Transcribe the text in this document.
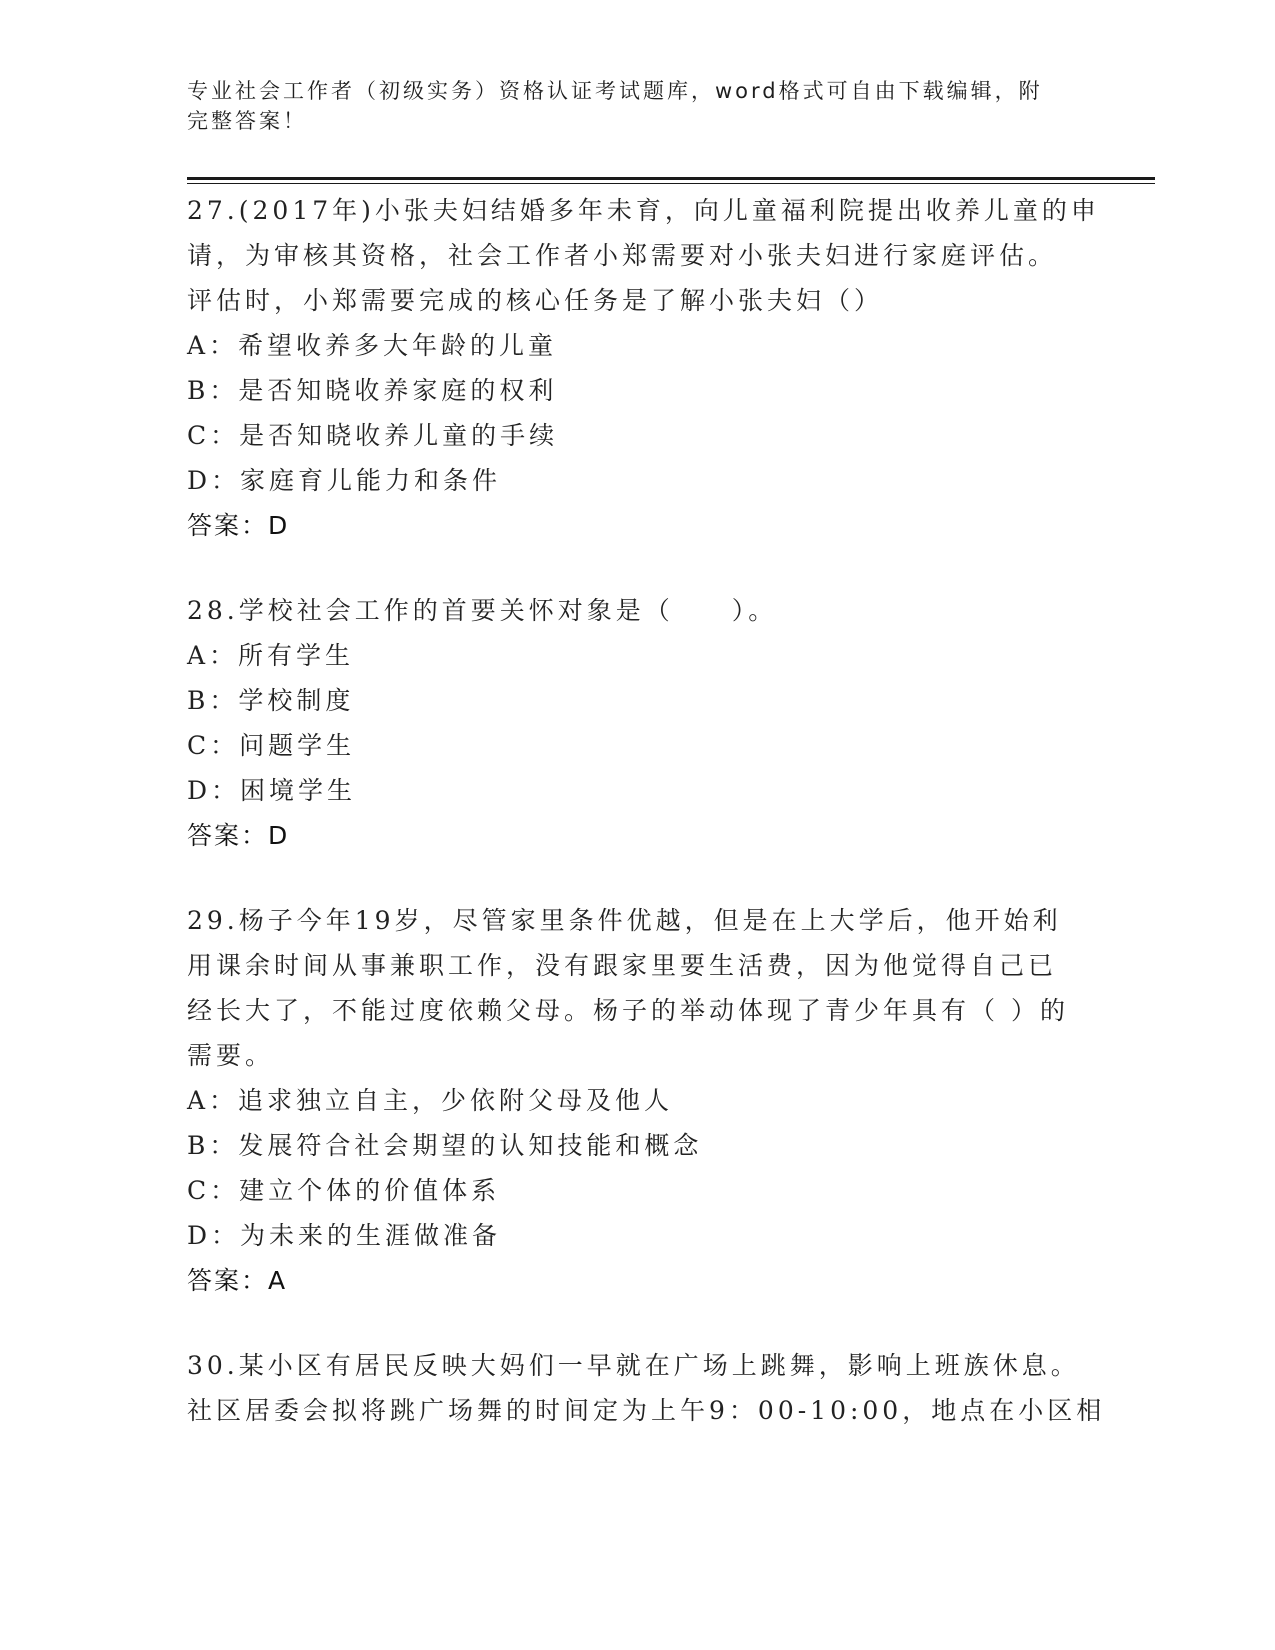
专业社会工作者（初级实务）资格认证考试题库，word格式可自由下载编辑，附
完整答案！
27.(2017年)小张夫妇结婚多年未育，向儿童福利院提出收养儿童的申
请，为审核其资格，社会工作者小郑需要对小张夫妇进行家庭评估。
评估时，小郑需要完成的核心任务是了解小张夫妇（）
A：希望收养多大年龄的儿童
B：是否知晓收养家庭的权利
C：是否知晓收养儿童的手续
D：家庭育儿能力和条件
答案：D
28.学校社会工作的首要关怀对象是（　　）。
A：所有学生
B：学校制度
C：问题学生
D：困境学生
答案：D
29.杨子今年19岁，尽管家里条件优越，但是在上大学后，他开始利
用课余时间从事兼职工作，没有跟家里要生活费，因为他觉得自己已
经长大了，不能过度依赖父母。杨子的举动体现了青少年具有（ ）的
需要。
A：追求独立自主，少依附父母及他人
B：发展符合社会期望的认知技能和概念
C：建立个体的价值体系
D：为未来的生涯做准备
答案：A
30.某小区有居民反映大妈们一早就在广场上跳舞，影响上班族休息。
社区居委会拟将跳广场舞的时间定为上午9：00-10:00，地点在小区相
